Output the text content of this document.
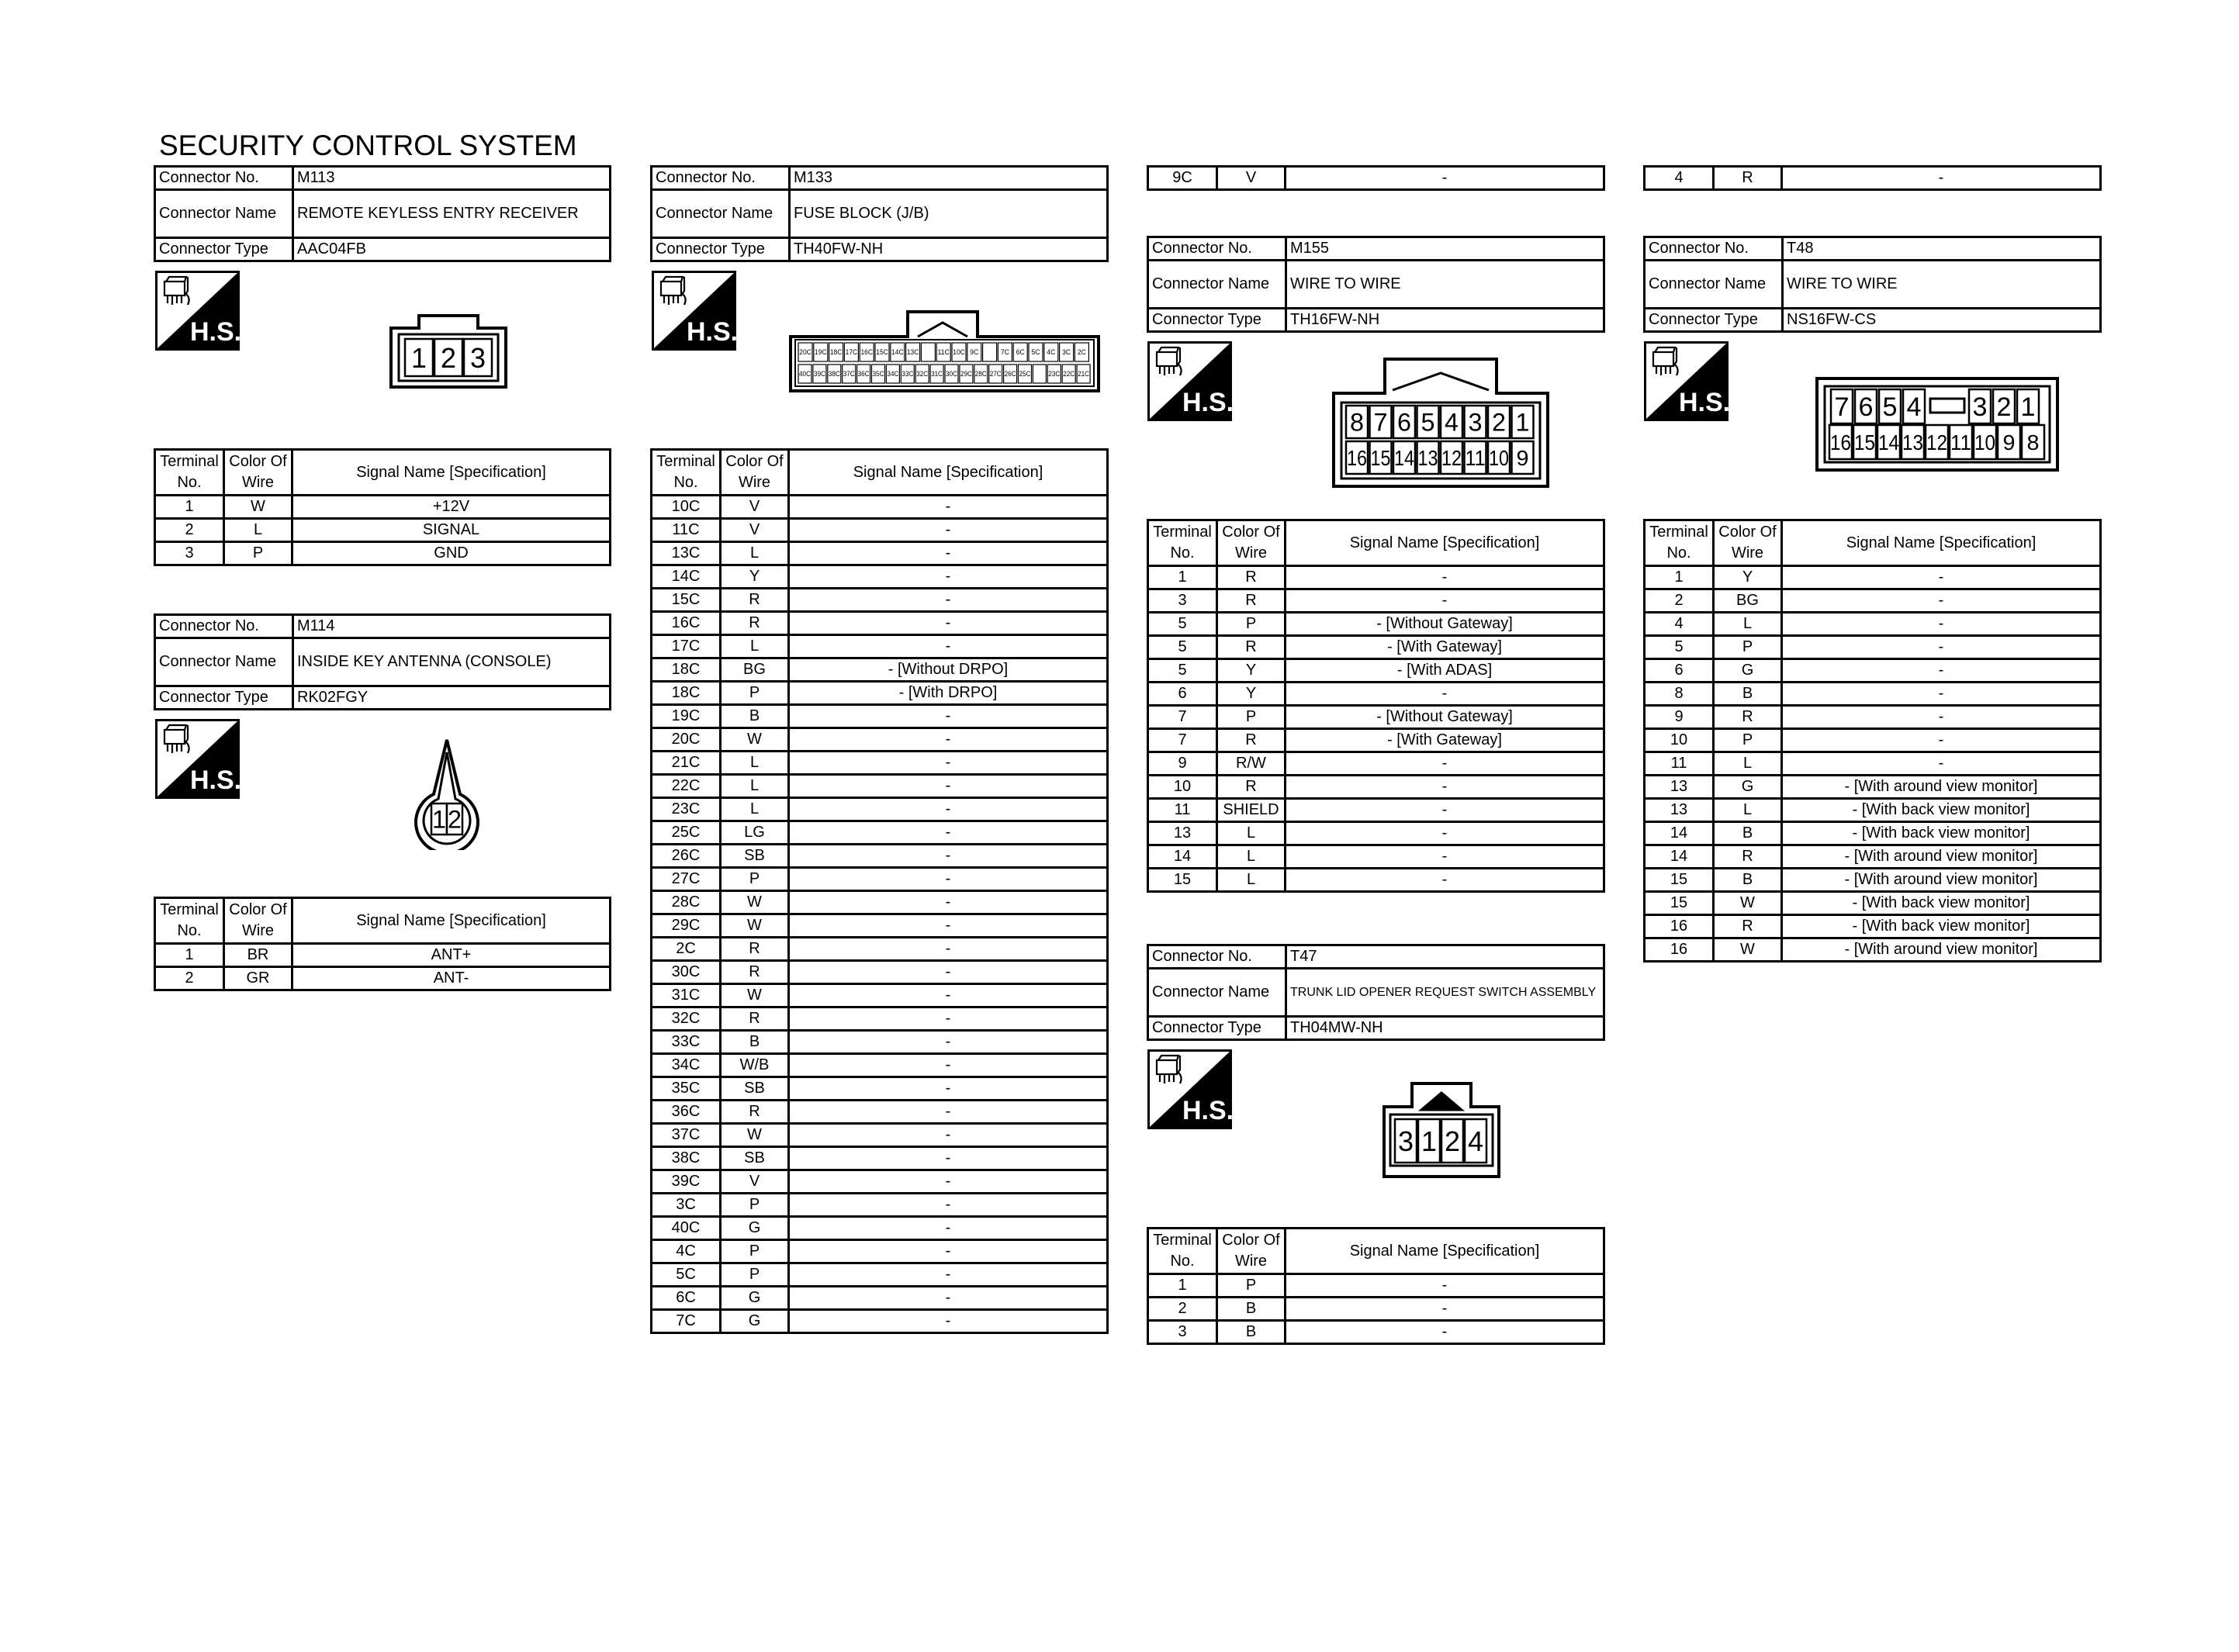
SECURITY CONTROL SYSTEM
Connector No.	M113
Connector Name	REMOTE KEYLESS ENTRY RECEIVER
Connector Type	AAC04FB
H.S.
1 2 3
Terminal No.	Color Of Wire	Signal Name [Specification]
1	W	+12V
2	L	SIGNAL
3	P	GND
Connector No.	M114
Connector Name	INSIDE KEY ANTENNA (CONSOLE)
Connector Type	RK02FGY
H.S.
1 2
Terminal No.	Color Of Wire	Signal Name [Specification]
1	BR	ANT+
2	GR	ANT-
Connector No.	M133
Connector Name	FUSE BLOCK (J/B)
Connector Type	TH40FW-NH
H.S.
20C 19C 18C 17C 16C 15C 14C 13C	11C 10C 9C	7C 6C 5C 4C 3C 2C
40C 39C 38C 37C 36C 35C 34C 33C 32C 31C 30C 29C 28C 27C 26C 25C 23C 22C 21C
Terminal No.	Color Of Wire	Signal Name [Specification]
10C	V	-
11C	V	-
13C	L	-
14C	Y	-
15C	R	-
16C	R	-
17C	L	-
18C	BG	- [Without DRPO]
18C	P	- [With DRPO]
19C	B	-
20C	W	-
21C	L	-
22C	L	-
23C	L	-
25C	LG	-
26C	SB	-
27C	P	-
28C	W	-
29C	W	-
2C	R	-
30C	R	-
31C	W	-
32C	R	-
33C	B	-
34C	W/B	-
35C	SB	-
36C	R	-
37C	W	-
38C	SB	-
39C	V	-
3C	P	-
40C	G	-
4C	P	-
5C	P	-
6C	G	-
7C	G	-
9C	V	-
Connector No.	M155
Connector Name	WIRE TO WIRE
Connector Type	TH16FW-NH
H.S.
8 7 6 5 4 3 2 1
16 15 14 13 12 11 10 9
Terminal No.	Color Of Wire	Signal Name [Specification]
1	R	-
3	R	-
5	P	- [Without Gateway]
5	R	- [With Gateway]
5	Y	- [With ADAS]
6	Y	-
7	P	- [Without Gateway]
7	R	- [With Gateway]
9	R/W	-
10	R	-
11	SHIELD	-
13	L	-
14	L	-
15	L	-
Connector No.	T47
Connector Name	TRUNK LID OPENER REQUEST SWITCH ASSEMBLY
Connector Type	TH04MW-NH
H.S.
3 1 2 4
Terminal No.	Color Of Wire	Signal Name [Specification]
1	P	-
2	B	-
3	B	-
4	R	-
Connector No.	T48
Connector Name	WIRE TO WIRE
Connector Type	NS16FW-CS
H.S.	7 6 5 4 3 2 1
16 15 14 13 12 11 10 9 8
Terminal No.	Color Of Wire	Signal Name [Specification]
1	Y	-
2	BG	-
4	L	-
5	P	-
6	G	-
8	B	-
9	R	-
10	P	-
11	L	-
13	G	- [With around view monitor]
13	L	- [With back view monitor]
14	B	- [With back view monitor]
14	R	- [With around view monitor]
15	B	- [With around view monitor]
15	W	- [With back view monitor]
16	R	- [With back view monitor]
16	W	- [With around view monitor]
